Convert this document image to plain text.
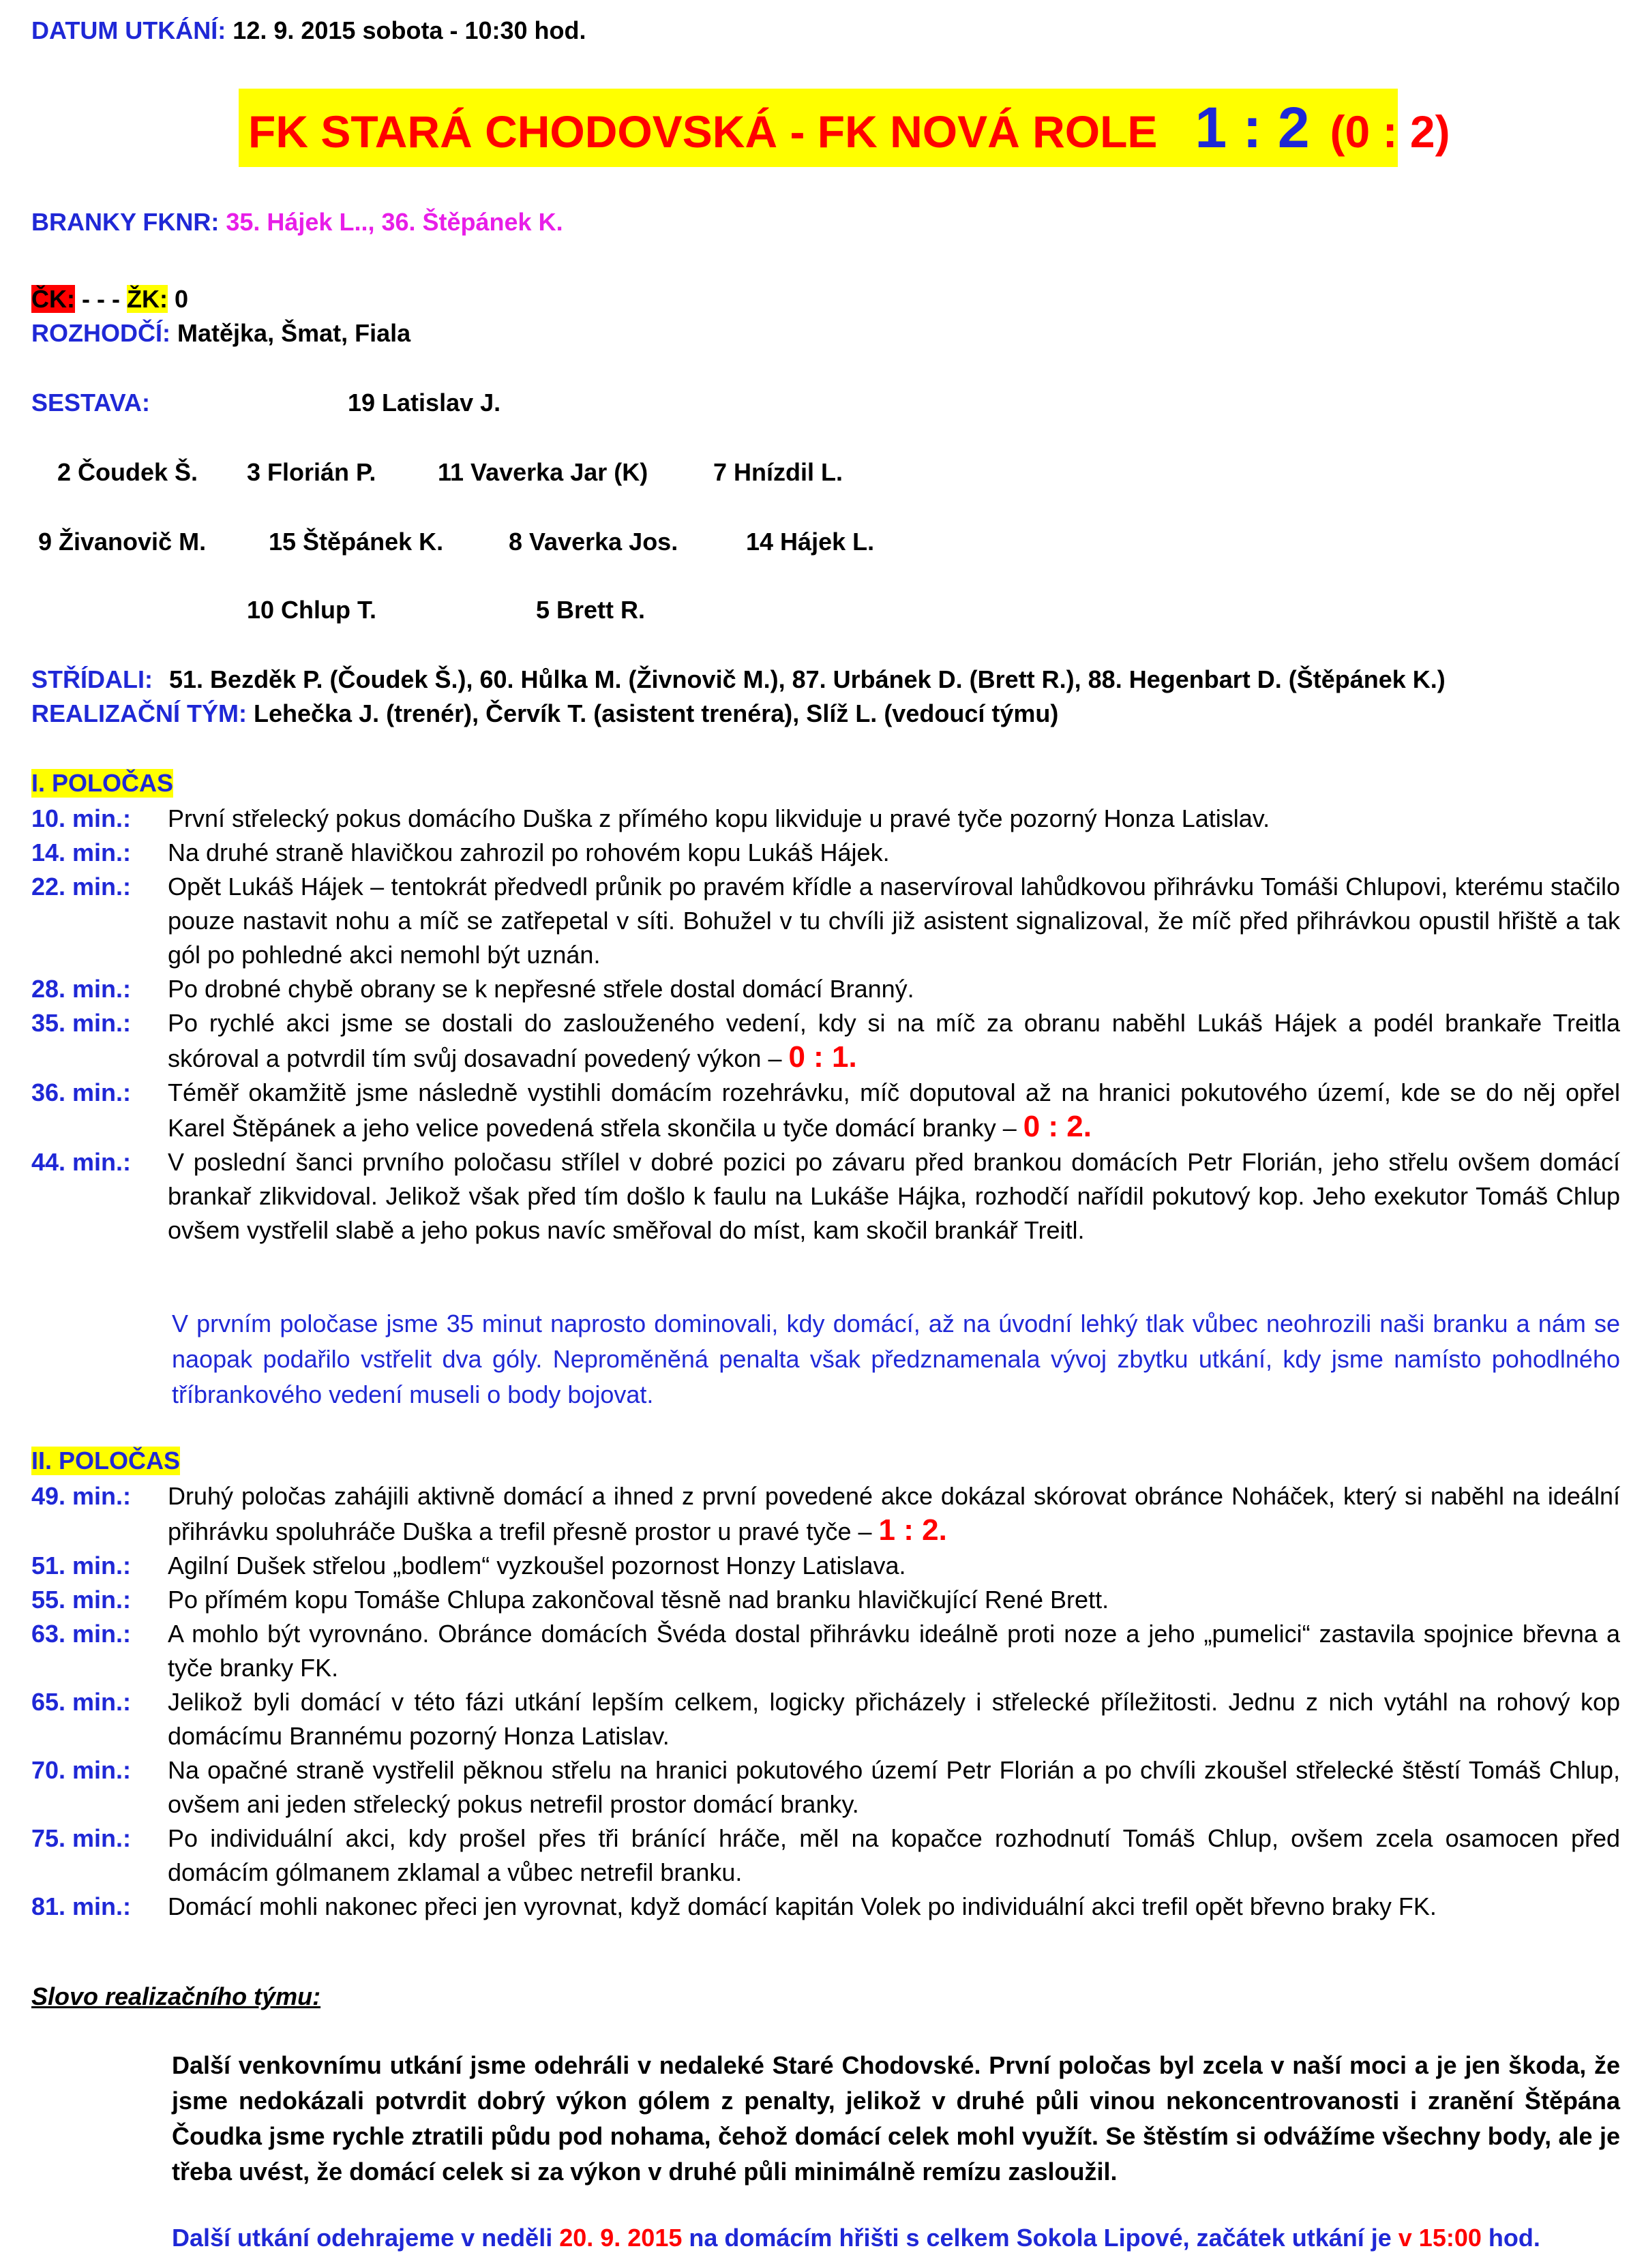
DATUM UTKÁNÍ: 12. 9. 2015 sobota - 10:30 hod.
FK STARÁ CHODOVSKÁ - FK NOVÁ ROLE 1 : 2 (0 : 2)
BRANKY FKNR: 35. Hájek L.., 36. Štěpánek K.
ČK: - - - ŽK: 0
ROZHODČÍ: Matějka, Šmat, Fiala
SESTAVA:	19 Latislav J.
2 Čoudek Š. 3 Florián P.	11 Vaverka Jar (K)	7 Hnízdil L.
9 Živanovič M.	15 Štěpánek K.	8 Vaverka Jos.	14 Hájek L.
10 Chlup T.	5 Brett R.
STŘÍDALI: 51. Bezděk P. (Čoudek Š.), 60. Hůlka M. (Živnovič M.), 87. Urbánek D. (Brett R.), 88. Hegenbart D. (Štěpánek K.)
REALIZAČNÍ TÝM: Lehečka J. (trenér), Červík T. (asistent trenéra), Slíž L. (vedoucí týmu)
I. POLOČAS
10. min.:	První střelecký pokus domácího Duška z přímého kopu likviduje u pravé tyče pozorný Honza Latislav.
14. min.:	Na druhé straně hlavičkou zahrozil po rohovém kopu Lukáš Hájek.
22. min.:	Opět Lukáš Hájek – tentokrát předvedl průnik po pravém křídle a naservíroval lahůdkovou přihrávku Tomáši Chlupovi, kterému stačilo pouze nastavit nohu a míč se zatřepetal v síti. Bohužel v tu chvíli již asistent signalizoval, že míč před přihrávkou opustil hřiště a tak gól po pohledné akci nemohl být uznán.
28. min.:	Po drobné chybě obrany se k nepřesné střele dostal domácí Branný.
35. min.:	Po rychlé akci jsme se dostali do zaslouženého vedení, kdy si na míč za obranu naběhl Lukáš Hájek a podél brankaře Treitla skóroval a potvrdil tím svůj dosavadní povedený výkon – 0 : 1.
36. min.:	Téměř okamžitě jsme následně vystihli domácím rozehrávku, míč doputoval až na hranici pokutového území, kde se do něj opřel Karel Štěpánek a jeho velice povedená střela skončila u tyče domácí branky – 0 : 2.
44. min.:	V poslední šanci prvního poločasu střílel v dobré pozici po závaru před brankou domácích Petr Florián, jeho střelu ovšem domácí brankař zlikvidoval. Jelikož však před tím došlo k faulu na Lukáše Hájka, rozhodčí nařídil pokutový kop. Jeho exekutor Tomáš Chlup ovšem vystřelil slabě a jeho pokus navíc směřoval do míst, kam skočil brankář Treitl.
V prvním poločase jsme 35 minut naprosto dominovali, kdy domácí, až na úvodní lehký tlak vůbec neohrozili naši branku a nám se naopak podařilo vstřelit dva góly. Neproměněná penalta však předznamenala vývoj zbytku utkání, kdy jsme namísto pohodlného tříbrankového vedení museli o body bojovat.
II. POLOČAS
49. min.:	Druhý poločas zahájili aktivně domácí a ihned z první povedené akce dokázal skórovat obránce Noháček, který si naběhl na ideální přihrávku spoluhráče Duška a trefil přesně prostor u pravé tyče – 1 : 2.
51. min.:	Agilní Dušek střelou „bodlem“ vyzkoušel pozornost Honzy Latislava.
55. min.:	Po přímém kopu Tomáše Chlupa zakončoval těsně nad branku hlavičkující René Brett.
63. min.:	A mohlo být vyrovnáno. Obránce domácích Švéda dostal přihrávku ideálně proti noze a jeho „pumelici“ zastavila spojnice břevna a tyče branky FK.
65. min.:	Jelikož byli domácí v této fázi utkání lepším celkem, logicky přicházely i střelecké příležitosti. Jednu z nich vytáhl na rohový kop domácímu Brannému pozorný Honza Latislav.
70. min.:	Na opačné straně vystřelil pěknou střelu na hranici pokutového území Petr Florián a po chvíli zkoušel střelecké štěstí Tomáš Chlup, ovšem ani jeden střelecký pokus netrefil prostor domácí branky.
75. min.:	Po individuální akci, kdy prošel přes tři bránící hráče, měl na kopačce rozhodnutí Tomáš Chlup, ovšem zcela osamocen před domácím gólmanem zklamal a vůbec netrefil branku.
81. min.:	Domácí mohli nakonec přeci jen vyrovnat, když domácí kapitán Volek po individuální akci trefil opět břevno braky FK.
Slovo realizačního týmu:
Další venkovnímu utkání jsme odehráli v nedaleké Staré Chodovské. První poločas byl zcela v naší moci a je jen škoda, že jsme nedokázali potvrdit dobrý výkon gólem z penalty, jelikož v druhé půli vinou nekoncentrovanosti i zranění Štěpána Čoudka jsme rychle ztratili půdu pod nohama, čehož domácí celek mohl využít. Se štěstím si odvážíme všechny body, ale je třeba uvést, že domácí celek si za výkon v druhé půli minimálně remízu zasloužil.
Další utkání odehrajeme v neděli 20. 9. 2015 na domácím hřišti s celkem Sokola Lipové, začátek utkání je v 15:00 hod.
